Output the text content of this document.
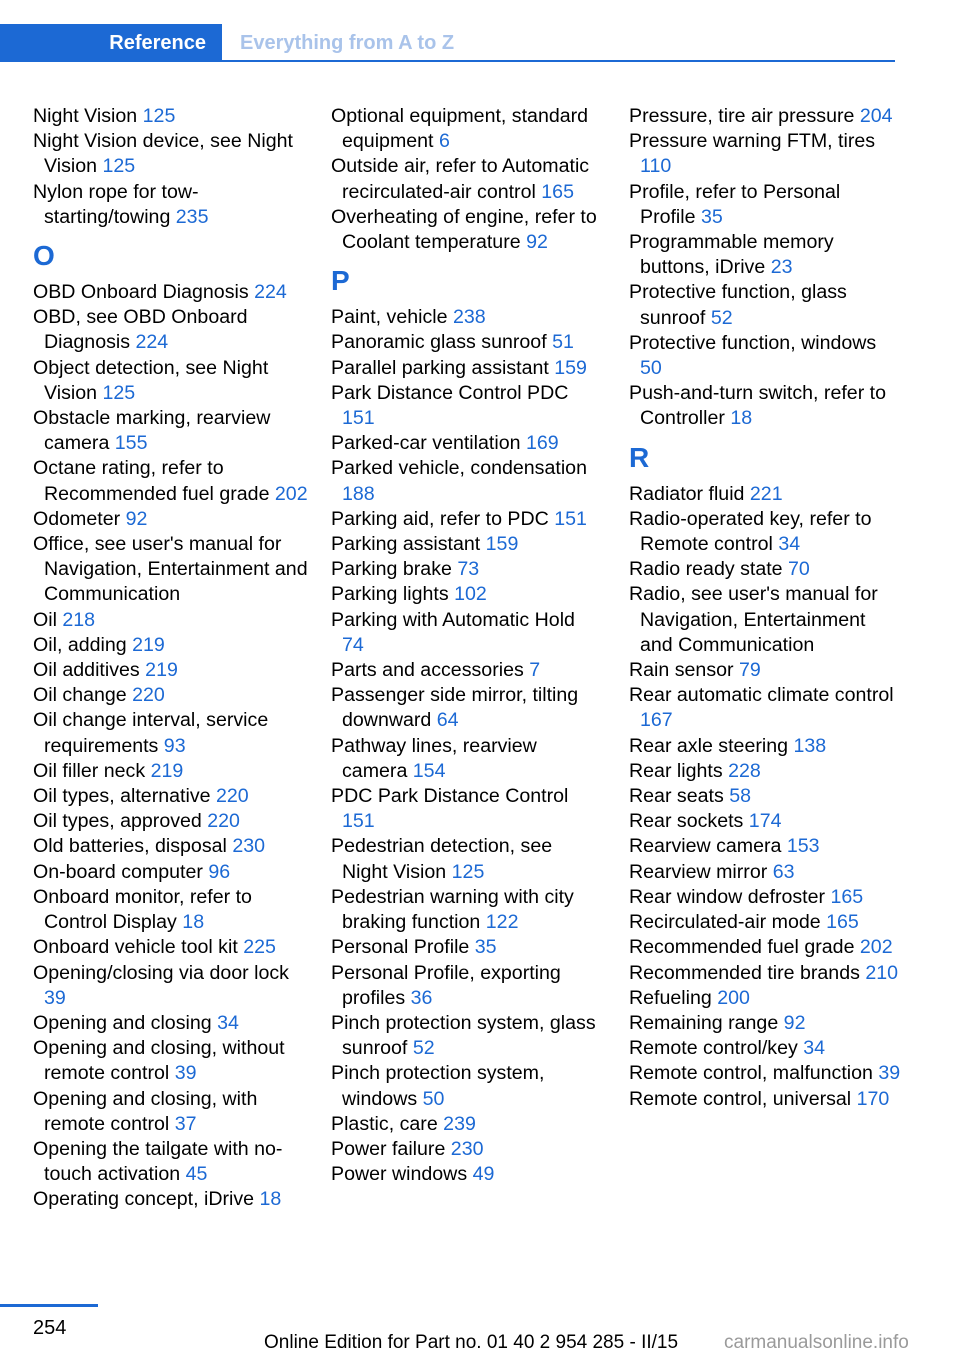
Reference	Everything from A to Z
Night Vision 125
Night Vision device, see Night Vision 125
Nylon rope for tow-starting/towing 235
O
OBD Onboard Diagnosis 224
OBD, see OBD Onboard Diagnosis 224
Object detection, see Night Vision 125
Obstacle marking, rearview camera 155
Octane rating, refer to Recommended fuel grade 202
Odometer 92
Office, see user's manual for Navigation, Entertainment and Communication
Oil 218
Oil, adding 219
Oil additives 219
Oil change 220
Oil change interval, service requirements 93
Oil filler neck 219
Oil types, alternative 220
Oil types, approved 220
Old batteries, disposal 230
On-board computer 96
Onboard monitor, refer to Control Display 18
Onboard vehicle tool kit 225
Opening/closing via door lock 39
Opening and closing 34
Opening and closing, without remote control 39
Opening and closing, with remote control 37
Opening the tailgate with no-touch activation 45
Operating concept, iDrive 18
Optional equipment, standard equipment 6
Outside air, refer to Automatic recirculated-air control 165
Overheating of engine, refer to Coolant temperature 92
P
Paint, vehicle 238
Panoramic glass sunroof 51
Parallel parking assistant 159
Park Distance Control PDC 151
Parked-car ventilation 169
Parked vehicle, condensation 188
Parking aid, refer to PDC 151
Parking assistant 159
Parking brake 73
Parking lights 102
Parking with Automatic Hold 74
Parts and accessories 7
Passenger side mirror, tilting downward 64
Pathway lines, rearview camera 154
PDC Park Distance Control 151
Pedestrian detection, see Night Vision 125
Pedestrian warning with city braking function 122
Personal Profile 35
Personal Profile, exporting profiles 36
Pinch protection system, glass sunroof 52
Pinch protection system, windows 50
Plastic, care 239
Power failure 230
Power windows 49
Pressure, tire air pressure 204
Pressure warning FTM, tires 110
Profile, refer to Personal Profile 35
Programmable memory buttons, iDrive 23
Protective function, glass sunroof 52
Protective function, windows 50
Push-and-turn switch, refer to Controller 18
R
Radiator fluid 221
Radio-operated key, refer to Remote control 34
Radio ready state 70
Radio, see user's manual for Navigation, Entertainment and Communication
Rain sensor 79
Rear automatic climate control 167
Rear axle steering 138
Rear lights 228
Rear seats 58
Rear sockets 174
Rearview camera 153
Rearview mirror 63
Rear window defroster 165
Recirculated-air mode 165
Recommended fuel grade 202
Recommended tire brands 210
Refueling 200
Remaining range 92
Remote control/key 34
Remote control, malfunction 39
Remote control, universal 170
254
Online Edition for Part no. 01 40 2 954 285 - II/15 carmanualsonline.info
